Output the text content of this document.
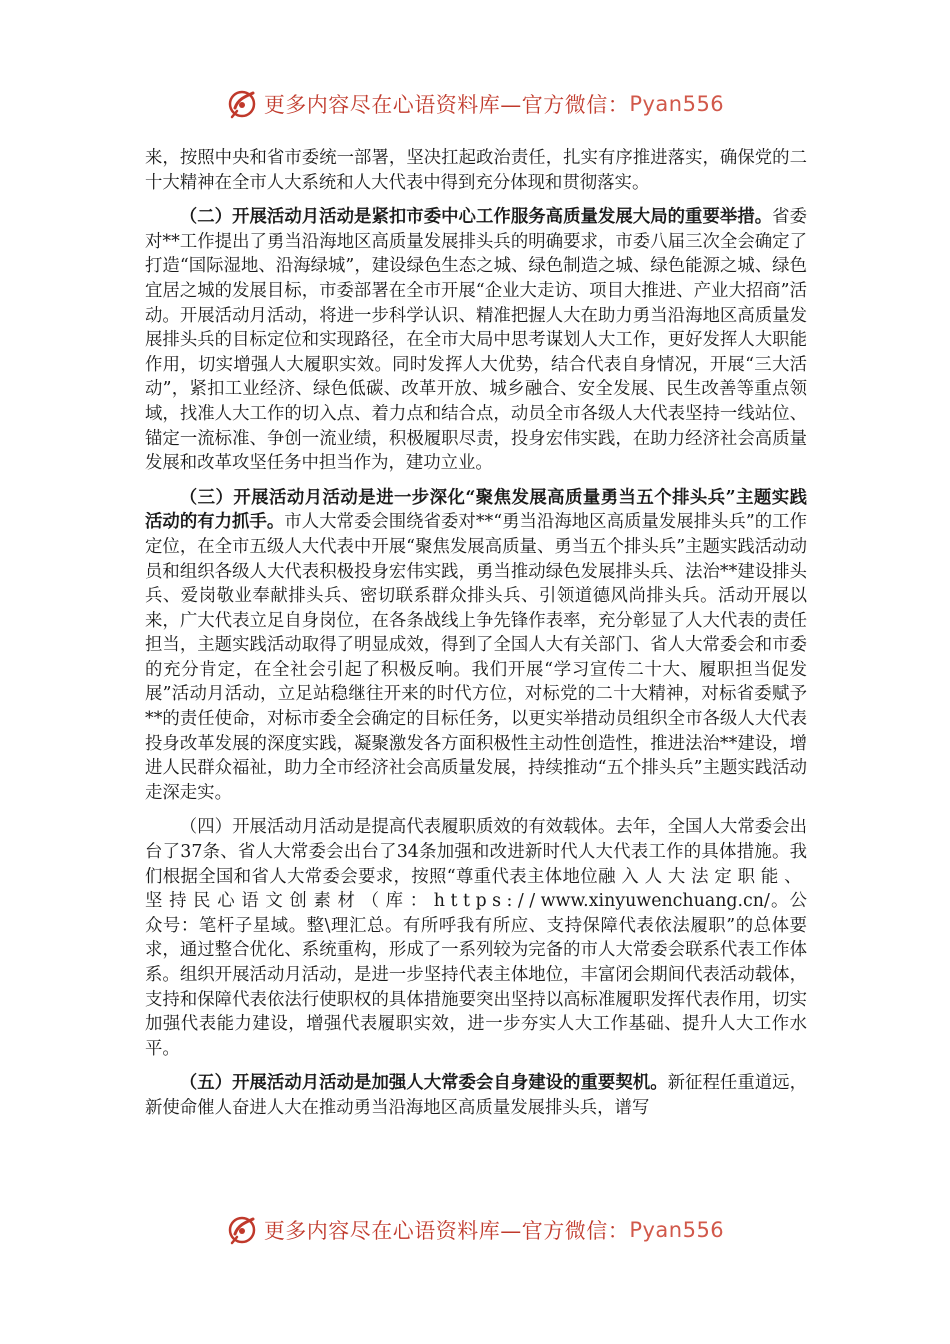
更多内容尽在心语资料库—官方微信： Pyan556

来，按照中央和省市委统一部署，坚决扛起政治责任，扎实有序推进落实，确保党的二十大精神在全市人大系统和人大代表中得到充分体现和贯彻落实。

（二）开展活动月活动是紧扣市委中心工作服务高质量发展大局的重要举措。省委对**工作提出了勇当沿海地区高质量发展排头兵的明确要求，市委八届三次全会确定了打造“国际湿地、沿海绿城”，建设绿色生态之城、绿色制造之城、绿色能源之城、绿色宜居之城的发展目标，市委部署在全市开展“企业大走访、项目大推进、产业大招商”活动。开展活动月活动，将进一步科学认识、精准把握人大在助力勇当沿海地区高质量发展排头兵的目标定位和实现路径，在全市大局中思考谋划人大工作，更好发挥人大职能作用，切实增强人大履职实效。同时发挥人大优势，结合代表自身情况，开展“三大活动”，紧扣工业经济、绿色低碳、改革开放、城乡融合、安全发展、民生改善等重点领域，找准人大工作的切入点、着力点和结合点，动员全市各级人大代表坚持一线站位、锚定一流标准、争创一流业绩，积极履职尽责，投身宏伟实践，在助力经济社会高质量发展和改革攻坚任务中担当作为，建功立业。

（三）开展活动月活动是进一步深化“聚焦发展高质量勇当五个排头兵”主题实践活动的有力抓手。市人大常委会围绕省委对**“勇当沿海地区高质量发展排头兵”的工作定位，在全市五级人大代表中开展“聚焦发展高质量、勇当五个排头兵”主题实践活动动员和组织各级人大代表积极投身宏伟实践，勇当推动绿色发展排头兵、法治**建设排头兵、爱岗敬业奉献排头兵、密切联系群众排头兵、引领道德风尚排头兵。活动开展以来，广大代表立足自身岗位，在各条战线上争先锋作表率，充分彰显了人大代表的责任担当，主题实践活动取得了明显成效，得到了全国人大有关部门、省人大常委会和市委的充分肯定，在全社会引起了积极反响。我们开展“学习宣传二十大、履职担当促发展”活动月活动，立足站稳继往开来的时代方位，对标党的二十大精神，对标省委赋予**的责任使命，对标市委全会确定的目标任务，以更实举措动员组织全市各级人大代表投身改革发展的深度实践，凝聚激发各方面积极性主动性创造性，推进法治**建设，增进人民群众福祉，助力全市经济社会高质量发展，持续推动“五个排头兵”主题实践活动走深走实。

（四）开展活动月活动是提高代表履职质效的有效载体。去年，全国人大常委会出台了37条、省人大常委会出台了34条加强和改进新时代人大代表工作的具体措施。我们根据全国和省人大常委会要求，按照“尊重代表主体地位融入人大法定职能、坚持民心语文创素材（库：https://www.xinyuwenchuang.cn/。公众号：笔杆子星域。整\理汇总。有所呼我有所应、支持保障代表依法履职”的总体要求，通过整合优化、系统重构，形成了一系列较为完备的市人大常委会联系代表工作体系。组织开展活动月活动，是进一步坚持代表主体地位，丰富闭会期间代表活动载体，支持和保障代表依法行使职权的具体措施要突出坚持以高标准履职发挥代表作用，切实加强代表能力建设，增强代表履职实效，进一步夯实人大工作基础、提升人大工作水平。

（五）开展活动月活动是加强人大常委会自身建设的重要契机。新征程任重道远，新使命催人奋进人大在推动勇当沿海地区高质量发展排头兵，谱写

更多内容尽在心语资料库—官方微信： Pyan556
